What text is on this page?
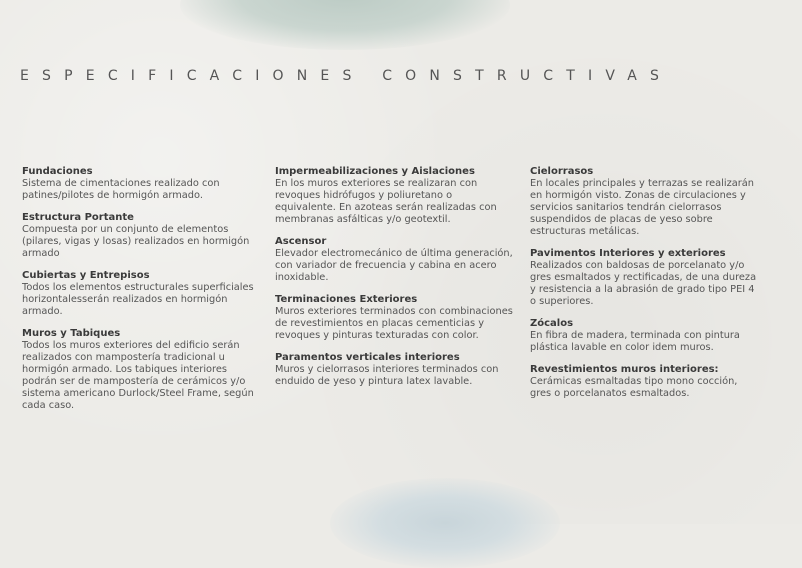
ESPECIFICACIONES CONSTRUCTIVAS

Fundaciones

Sistema de cimentaciones realizado con patines/pilotes de hormigón armado.

Estructura Portante

Compuesta por un conjunto de elementos (pilares, vigas y losas) realizados en hormigón armado

Cubiertas y Entrepisos

Todos los elementos estructurales superficiales horizontalesserán realizados en hormigón armado.

Muros y Tabiques

Todos los muros exteriores del edificio serán realizados con mampostería tradicional u hormigón armado. Los tabiques interiores podrán ser de mampostería de cerámicos y/o sistema americano Durlock/Steel Frame, según cada caso.

Impermeabilizaciones y Aislaciones

En los muros exteriores se realizaran con revoques hidrófugos y poliuretano o equivalente. En azoteas serán realizadas con membranas asfálticas y/o geotextil.

Ascensor

Elevador electromecánico de última generación, con variador de frecuencia y cabina en acero inoxidable.

Terminaciones Exteriores

Muros exteriores terminados con combinaciones de revestimientos en placas cementicias y revoques y pinturas texturadas con color.

Paramentos verticales interiores

Muros y cielorrasos interiores terminados con enduido de yeso y pintura latex lavable.

Cielorrasos

En locales principales y terrazas se realizarán en hormigón visto. Zonas de circulaciones y servicios sanitarios tendrán cielorrasos suspendidos de placas de yeso sobre estructuras metálicas.

Pavimentos Interiores y exteriores

Realizados con baldosas de porcelanato y/o gres esmaltados y rectificadas, de una dureza y resistencia a la abrasión de grado tipo PEI 4 o superiores.

Zócalos

En fibra de madera, terminada con pintura plástica lavable en color idem muros.

Revestimientos muros interiores:

Cerámicas esmaltadas tipo mono cocción, gres o porcelanatos esmaltados.
